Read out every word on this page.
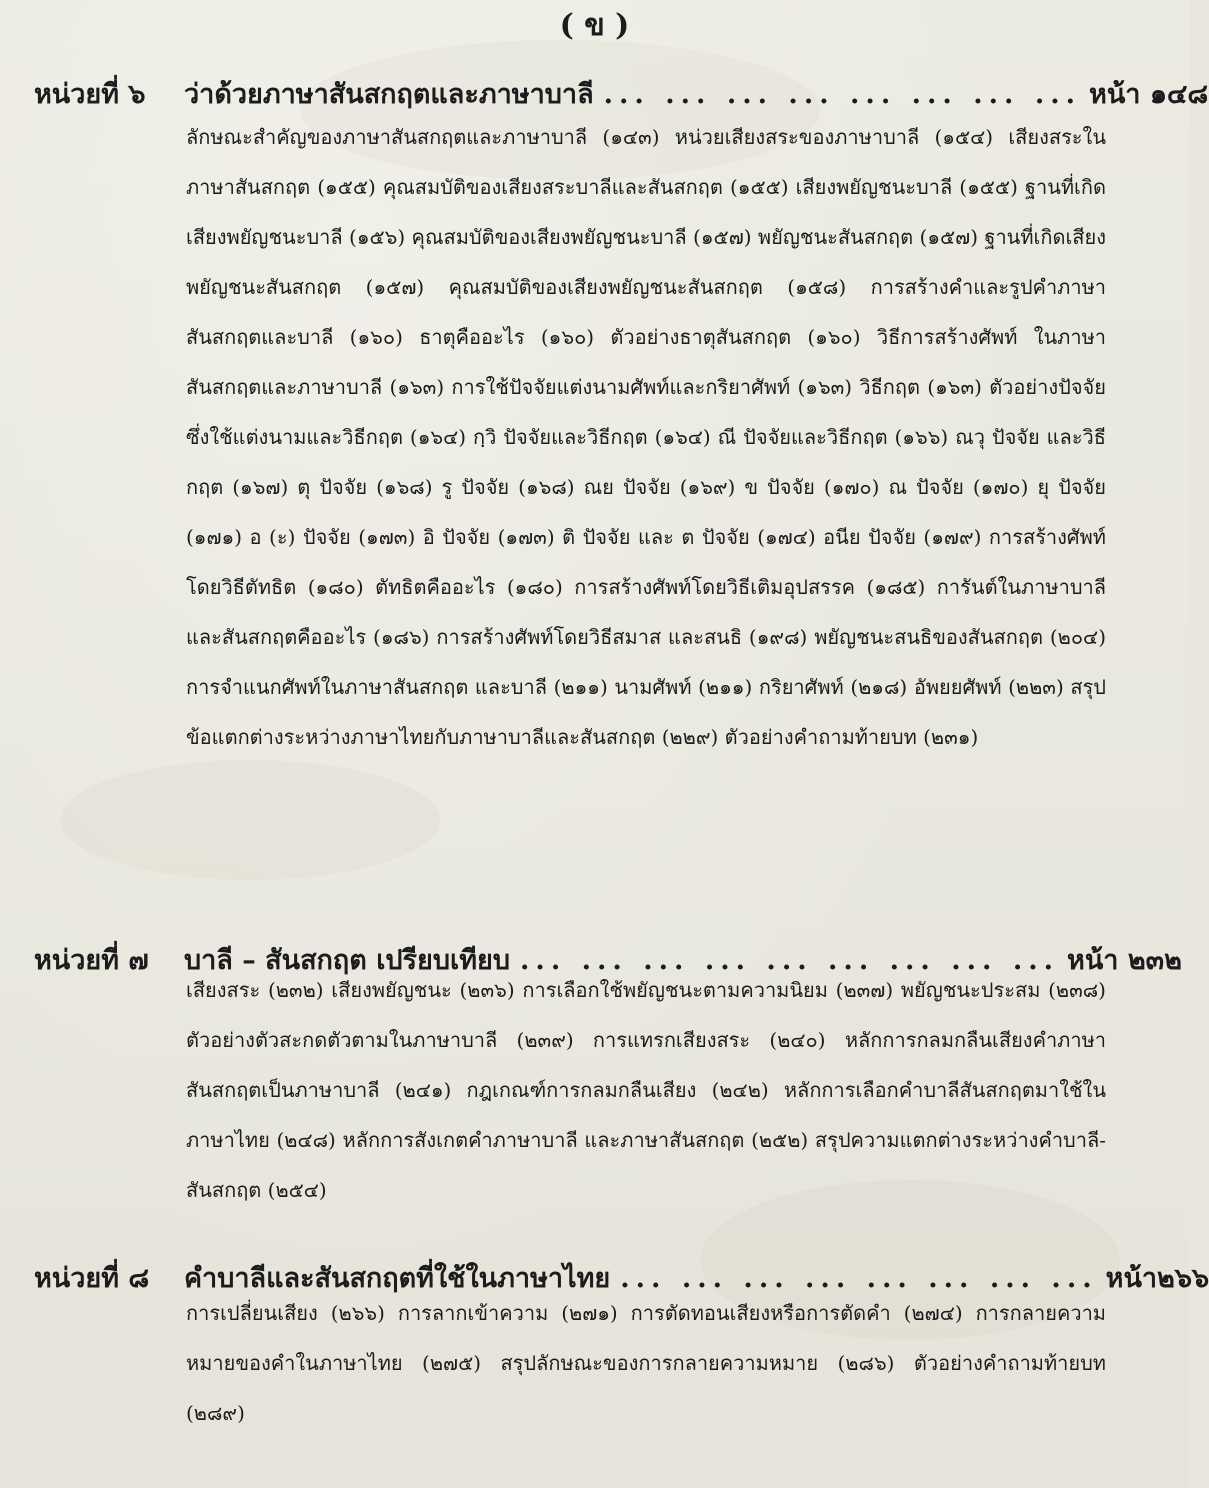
( ข )
หน่วยที่ ๖	ว่าด้วยภาษาสันสกฤตและภาษาบาลี ... ... ... ... ... ... ... ... หน้า ๑๔๘
ลักษณะสำคัญของภาษาสันสกฤตและภาษาบาลี (๑๔๓) หน่วยเสียงสระของภาษาบาลี (๑๕๔) เสียงสระในภาษาสันสกฤต (๑๕๕) คุณสมบัติของเสียงสระบาลีและสันสกฤต (๑๕๕) เสียงพยัญชนะบาลี (๑๕๕) ฐานที่เกิดเสียงพยัญชนะบาลี (๑๕๖) คุณสมบัติของเสียงพยัญชนะบาลี (๑๕๗) พยัญชนะสันสกฤต (๑๕๗) ฐานที่เกิดเสียงพยัญชนะสันสกฤต (๑๕๗) คุณสมบัติของเสียงพยัญชนะสันสกฤต (๑๕๘) การสร้างคำและรูปคำภาษาสันสกฤตและบาลี (๑๖๐) ธาตุคืออะไร (๑๖๐) ตัวอย่างธาตุสันสกฤต (๑๖๐) วิธีการสร้างศัพท์ ในภาษาสันสกฤตและภาษาบาลี (๑๖๓) การใช้ปัจจัยแต่งนามศัพท์และกริยาศัพท์ (๑๖๓) วิธีกฤต (๑๖๓) ตัวอย่างปัจจัยซึ่งใช้แต่งนามและวิธีกฤต (๑๖๔) กฺวิ ปัจจัยและวิธีกฤต (๑๖๔) ณี ปัจจัยและวิธีกฤต (๑๖๖) ณวุ ปัจจัย และวิธีกฤต (๑๖๗) ตุ ปัจจัย (๑๖๘) รู ปัจจัย (๑๖๘) ณย ปัจจัย (๑๖๙) ข ปัจจัย (๑๗๐) ณ ปัจจัย (๑๗๐) ยุ ปัจจัย (๑๗๑) อ (ะ) ปัจจัย (๑๗๓) อิ ปัจจัย (๑๗๓) ติ ปัจจัย และ ต ปัจจัย (๑๗๔) อนีย ปัจจัย (๑๗๙) การสร้างศัพท์โดยวิธีตัทธิต (๑๘๐) ตัทธิตคืออะไร (๑๘๐) การสร้างศัพท์โดยวิธีเติมอุปสรรค (๑๘๕) การันต์ในภาษาบาลีและสันสกฤตคืออะไร (๑๘๖) การสร้างศัพท์โดยวิธีสมาส และสนธิ (๑๙๘) พยัญชนะสนธิของสันสกฤต (๒๐๔) การจำแนกศัพท์ในภาษาสันสกฤต และบาลี (๒๑๑) นามศัพท์ (๒๑๑) กริยาศัพท์ (๒๑๘) อัพยยศัพท์ (๒๒๓) สรุปข้อแตกต่างระหว่างภาษาไทยกับภาษาบาลีและสันสกฤต (๒๒๙) ตัวอย่างคำถามท้ายบท (๒๓๑)
หน่วยที่ ๗	บาลี – สันสกฤต เปรียบเทียบ ... ... ... ... ... ... ... ... ... หน้า ๒๓๒
เสียงสระ (๒๓๒) เสียงพยัญชนะ (๒๓๖) การเลือกใช้พยัญชนะตามความนิยม (๒๓๗) พยัญชนะประสม (๒๓๘) ตัวอย่างตัวสะกดตัวตามในภาษาบาลี (๒๓๙) การแทรกเสียงสระ (๒๔๐) หลักการกลมกลืนเสียงคำภาษาสันสกฤตเป็นภาษาบาลี (๒๔๑) กฎเกณฑ์การกลมกลืนเสียง (๒๔๒) หลักการเลือกคำบาลีสันสกฤตมาใช้ในภาษาไทย (๒๔๘) หลักการสังเกตคำภาษาบาลี และภาษาสันสกฤต (๒๕๒) สรุปความแตกต่างระหว่างคำบาลี-สันสกฤต (๒๕๔)
หน่วยที่ ๘	คำบาลีและสันสกฤตที่ใช้ในภาษาไทย ... ... ... ... ... ... ... ... หน้า๒๖๖
การเปลี่ยนเสียง (๒๖๖) การลากเข้าความ (๒๗๑) การตัดทอนเสียงหรือการตัดคำ (๒๗๔) การกลายความหมายของคำในภาษาไทย (๒๗๕) สรุปลักษณะของการกลายความหมาย (๒๘๖) ตัวอย่างคำถามท้ายบท (๒๘๙)
